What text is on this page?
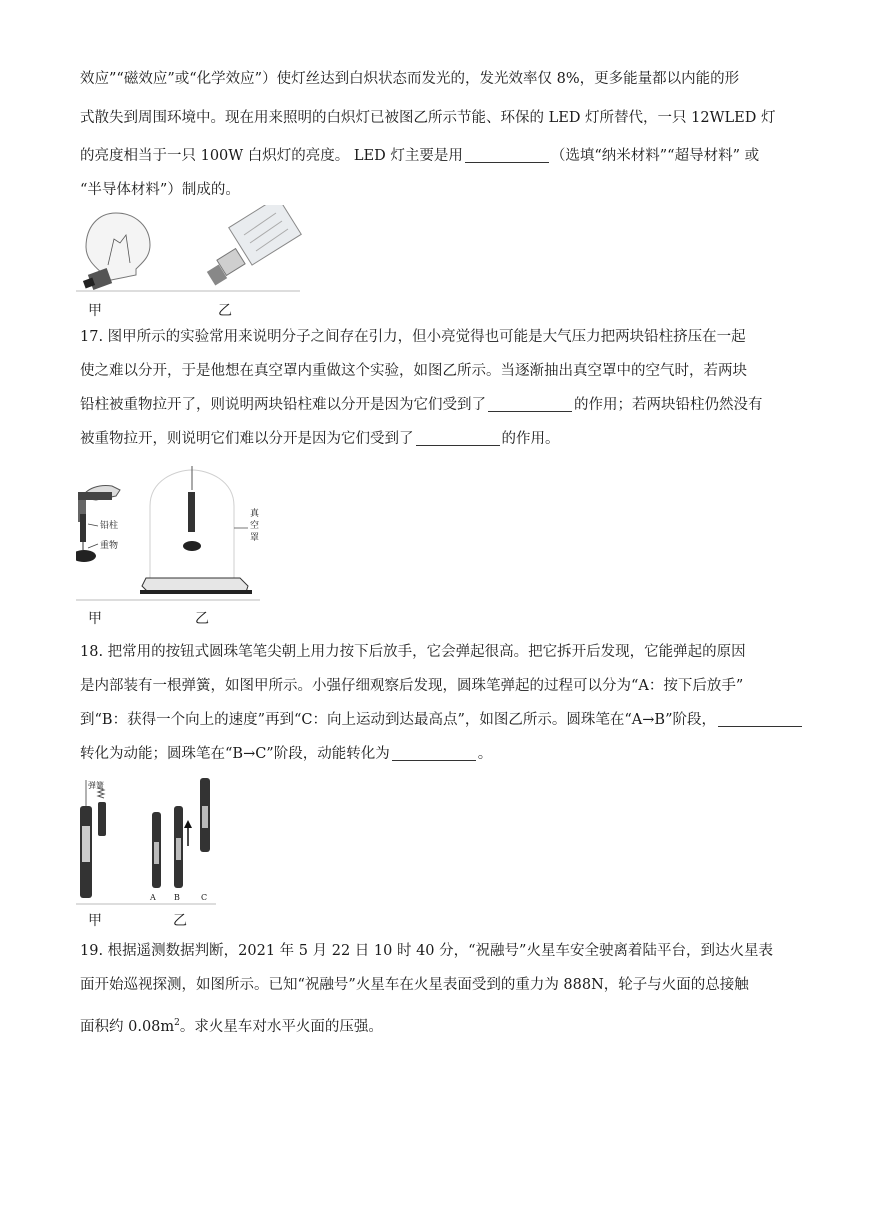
效应”“磁效应”或“化学效应”）使灯丝达到白炽状态而发光的，发光效率仅 8%，更多能量都以内能的形
式散失到周围环境中。现在用来照明的白炽灯已被图乙所示节能、环保的 LED 灯所替代，一只 12WLED 灯
的亮度相当于一只 100W 白炽灯的亮度。 LED 灯主要是用	（选填“纳米材料”“超导材料” 或
“半导体材料”）制成的。
甲	乙
17. 图甲所示的实验常用来说明分子之间存在引力，但小亮觉得也可能是大气压力把两块铅柱挤压在一起
使之难以分开，于是他想在真空罩内重做这个实验，如图乙所示。当逐渐抽出真空罩中的空气时，若两块
铅柱被重物拉开了，则说明两块铅柱难以分开是因为它们受到了	的作用；若两块铅柱仍然没有
被重物拉开，则说明它们难以分开是因为它们受到了	的作用。
铅柱
重物
真
空
罩
甲	乙
18. 把常用的按钮式圆珠笔笔尖朝上用力按下后放手，它会弹起很高。把它拆开后发现，它能弹起的原因
是内部装有一根弹簧，如图甲所示。小强仔细观察后发现，圆珠笔弹起的过程可以分为“A：按下后放手”
到“B：获得一个向上的速度”再到“C：向上运动到达最高点”，如图乙所示。圆珠笔在“A→B”阶段，
转化为动能；圆珠笔在“B→C”阶段，动能转化为	。
弹簧
A B	C
甲	乙
19. 根据遥测数据判断，2021 年 5 月 22 日 10 时 40 分，“祝融号”火星车安全驶离着陆平台，到达火星表
面开始巡视探测，如图所示。已知“祝融号”火星车在火星表面受到的重力为 888N，轮子与火面的总接触
面积约 $0.08m^2$。求火星车对水平火面的压强。
